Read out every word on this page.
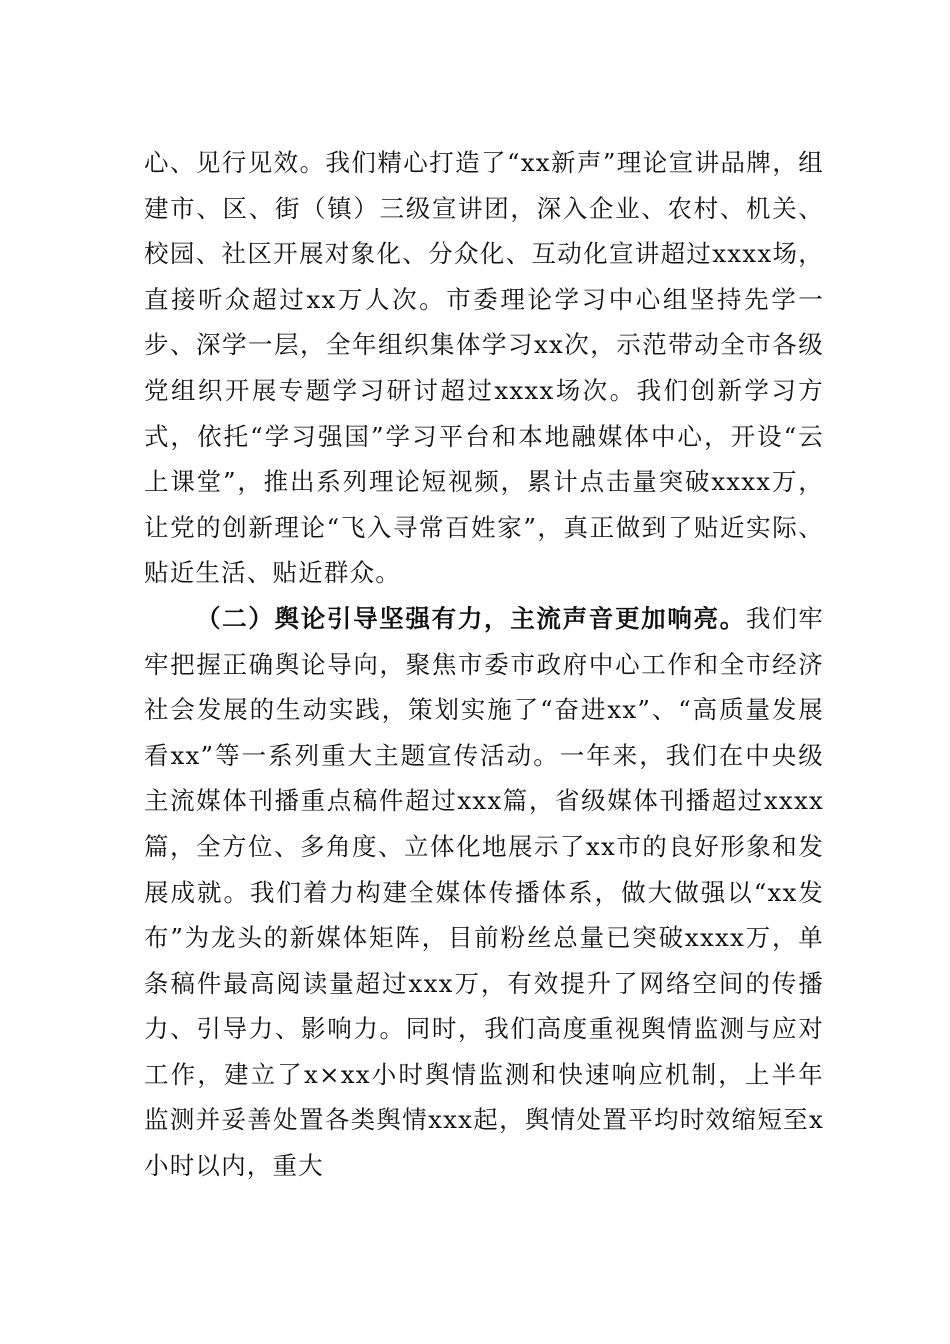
心、见行见效。我们精心打造了“xx新声”理论宣讲品牌，组建市、区、街（镇）三级宣讲团，深入企业、农村、机关、校园、社区开展对象化、分众化、互动化宣讲超过xxxx场，直接听众超过xx万人次。市委理论学习中心组坚持先学一步、深学一层，全年组织集体学习xx次，示范带动全市各级党组织开展专题学习研讨超过xxxx场次。我们创新学习方式，依托“学习强国”学习平台和本地融媒体中心，开设“云上课堂”，推出系列理论短视频，累计点击量突破xxxx万，让党的创新理论“飞入寻常百姓家”，真正做到了贴近实际、贴近生活、贴近群众。

（二）舆论引导坚强有力，主流声音更加响亮。我们牢牢把握正确舆论导向，聚焦市委市政府中心工作和全市经济社会发展的生动实践，策划实施了“奋进xx”、“高质量发展看xx”等一系列重大主题宣传活动。一年来，我们在中央级主流媒体刊播重点稿件超过xxx篇，省级媒体刊播超过xxxx篇，全方位、多角度、立体化地展示了xx市的良好形象和发展成就。我们着力构建全媒体传播体系，做大做强以“xx发布”为龙头的新媒体矩阵，目前粉丝总量已突破xxxx万，单条稿件最高阅读量超过xxx万，有效提升了网络空间的传播力、引导力、影响力。同时，我们高度重视舆情监测与应对工作，建立了x×xx小时舆情监测和快速响应机制，上半年监测并妥善处置各类舆情xxx起，舆情处置平均时效缩短至x小时以内，重大
